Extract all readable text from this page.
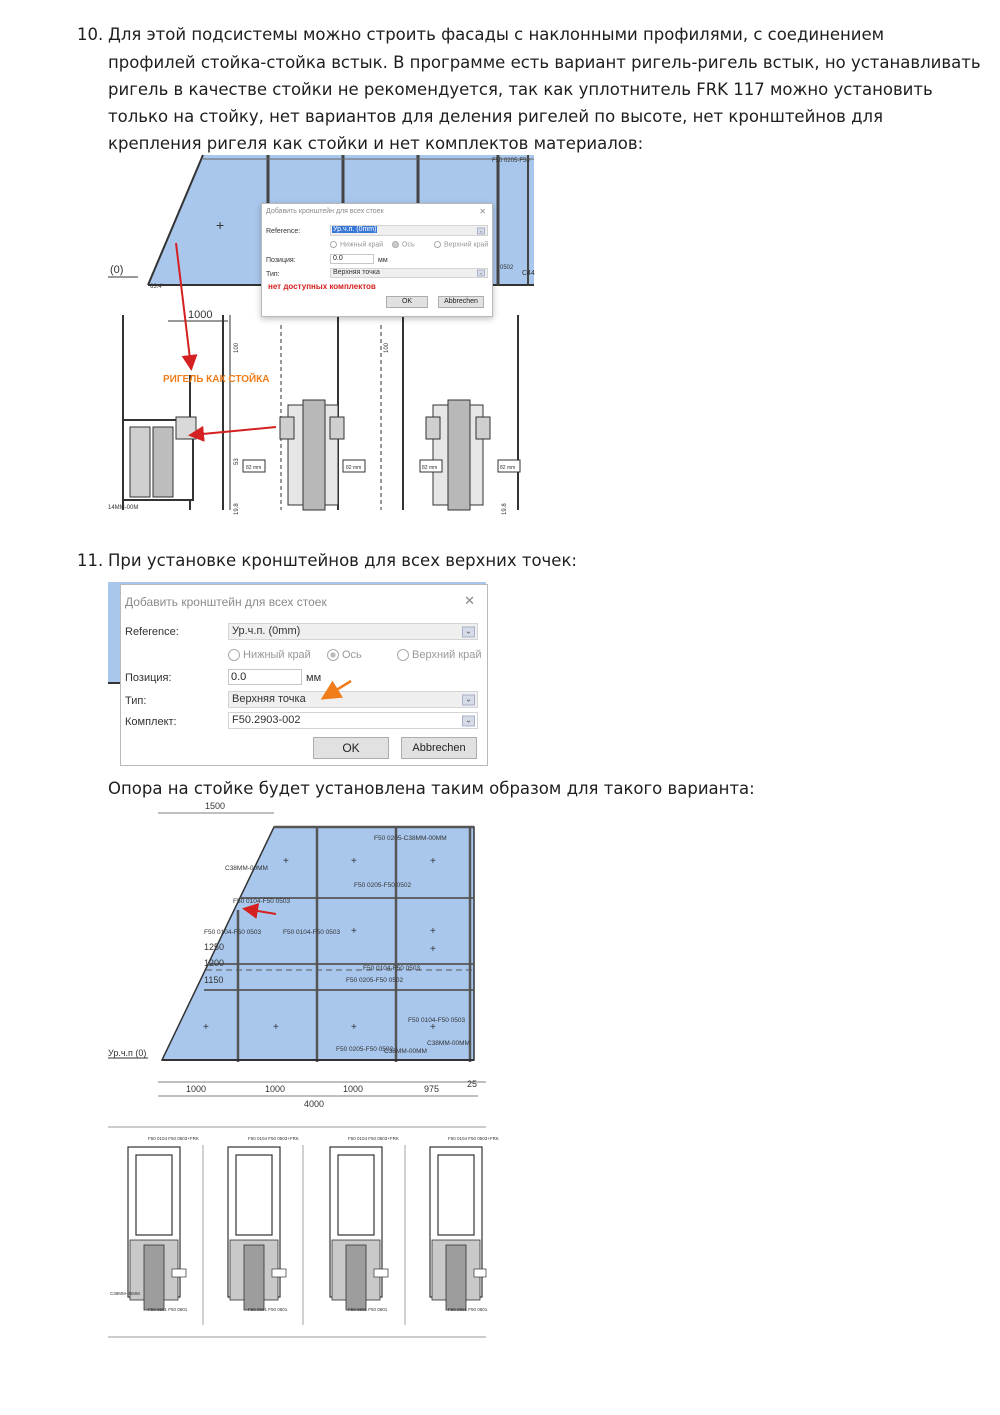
10. Для этой подсистемы можно строить фасады с наклонными профилями, с соединением
профилей стойка-стойка встык. В программе есть вариант ригель-ригель встык, но устанавливать
ригель в качестве стойки не рекомендуется, так как уплотнитель FRK 117 можно установить
только на стойку, нет вариантов для деления ригелей по высоте, нет кронштейнов для
крепления ригеля как стойки и нет комплектов материалов:
+
F50 0205-F50
0502
C44
(0)
63.4°
1000
100	100
53
19.8	19.8
82 mm	82 mm	82 mm	82 mm
14MM-00M
РИГЕЛЬ КАК СТОЙКА
Добавить кронштейн для всех стоек	✕
Reference:	Ур.ч.п. (0mm)	⌄
Нижный край	Ось	Верхний край
Позиция:	0.0	мм
Тип:	Верхняя точка	⌄
нет доступных комплектов
OK	Abbrechen
11. При установке кронштейнов для всех верхних точек:
Добавить кронштейн для всех стоек	✕
Reference:	Ур.ч.п. (0mm)	⌄
Нижный край	Ось	Верхний край
Позиция:	0.0	мм
Тип:	Верхняя точка	⌄
Комплект:	F50.2903-002	⌄
OK	Abbrechen
Опора на стойке будет установлена таким образом для такого варианта:
1500
+	+	+
+	+
+
+	+	+	+
F50 0205-C38MM-00MM
C38MM-00MM
F50 0205-F50 0502
F50 0104-F50 0503
F50 0104-F50 0503	F50 0104-F50 0503
F50 0104-F50 0503
F50 0205-F50 0502
F50 0104-F50 0503
C38MM-00MM
F50 0205-F50 0502
C38MM-00MM
1250
1200
1150
Ур.ч.п (0)
1000	1000	1000	975	25
4000
F50 0104 F50 0503+FRK	F50 0104 F50 0503+FRK	F50 0104 F50 0503+FRK	F50 0104 F50 0503+FRK
F50 0601 F50 0601	F50 0601 F50 0601	F50 0601 F50 0601	F50 0601 F50 0601
C38MM-00MM
